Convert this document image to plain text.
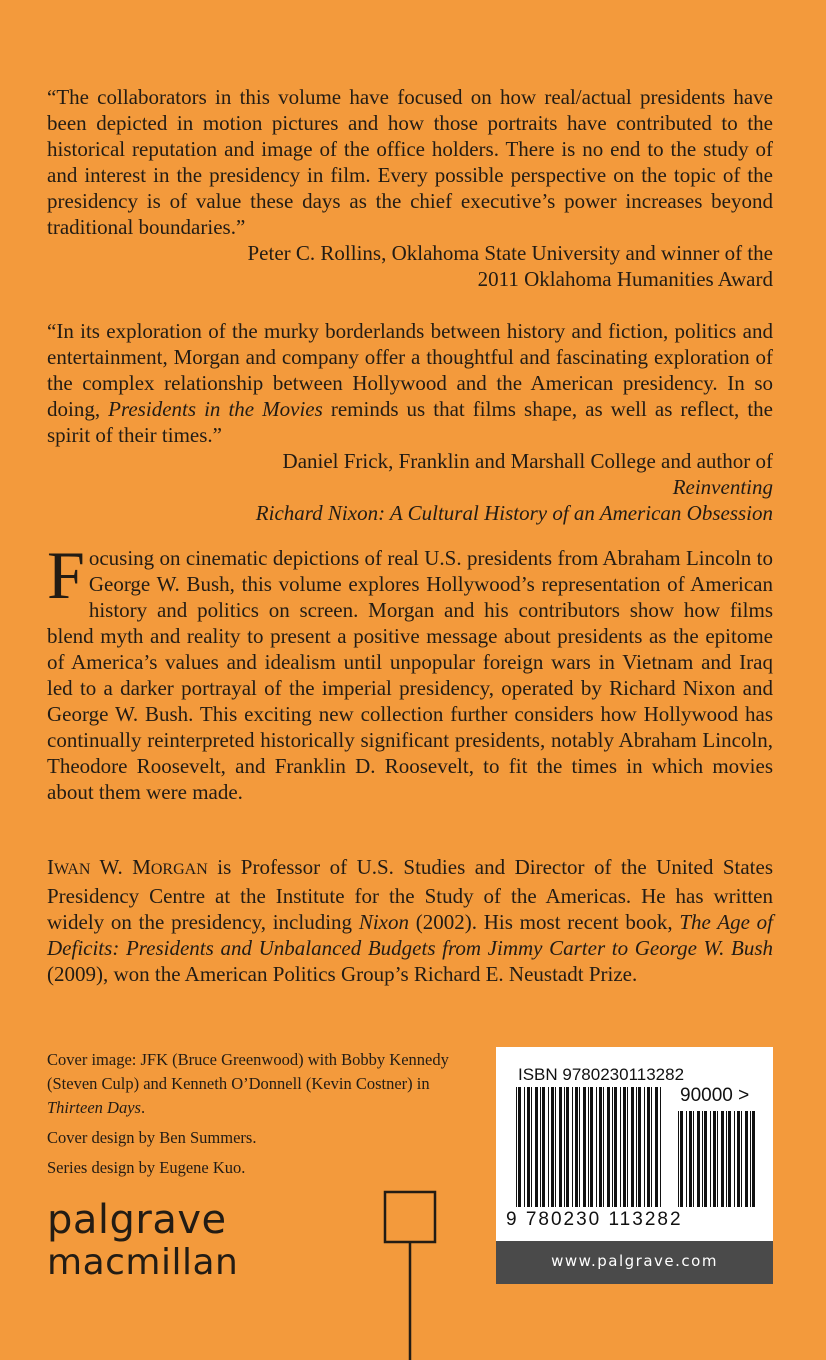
“The collaborators in this volume have focused on how real/actual presidents have been depicted in motion pictures and how those portraits have contributed to the historical reputation and image of the office holders. There is no end to the study of and interest in the presidency in film. Every possible perspective on the topic of the presidency is of value these days as the chief executive’s power increases beyond traditional boundaries.”

Peter C. Rollins, Oklahoma State University and winner of the
2011 Oklahoma Humanities Award

“In its exploration of the murky borderlands between history and fiction, politics and entertainment, Morgan and company offer a thoughtful and fascinating exploration of the complex relationship between Hollywood and the American presidency. In so doing, Presidents in the Movies reminds us that films shape, as well as reflect, the spirit of their times.”

Daniel Frick, Franklin and Marshall College and author of
Reinventing
Richard Nixon: A Cultural History of an American Obsession
Focusing on cinematic depictions of real U.S. presidents from Abraham Lincoln to George W. Bush, this volume explores Hollywood’s representation of American history and politics on screen. Morgan and his contributors show how films blend myth and reality to present a positive message about presidents as the epitome of America’s values and idealism until unpopular foreign wars in Vietnam and Iraq led to a darker portrayal of the imperial presidency, operated by Richard Nixon and George W. Bush. This exciting new collection further considers how Hollywood has continually reinterpreted historically significant presidents, notably Abraham Lincoln, Theodore Roosevelt, and Franklin D. Roosevelt, to fit the times in which movies about them were made.
IWAN W. MORGAN is Professor of U.S. Studies and Director of the United States Presidency Centre at the Institute for the Study of the Americas. He has written widely on the presidency, including Nixon (2002). His most recent book, The Age of Deficits: Presidents and Unbalanced Budgets from Jimmy Carter to George W. Bush (2009), won the American Politics Group’s Richard E. Neustadt Prize.

Cover image: JFK (Bruce Greenwood) with Bobby Kennedy (Steven Culp) and Kenneth O’Donnell (Kevin Costner) in Thirteen Days.

Cover design by Ben Summers.

Series design by Eugene Kuo.

palgrave
macmillan
ISBN 9780230113282
90000 >
9 780230 113282
www.palgrave.com
